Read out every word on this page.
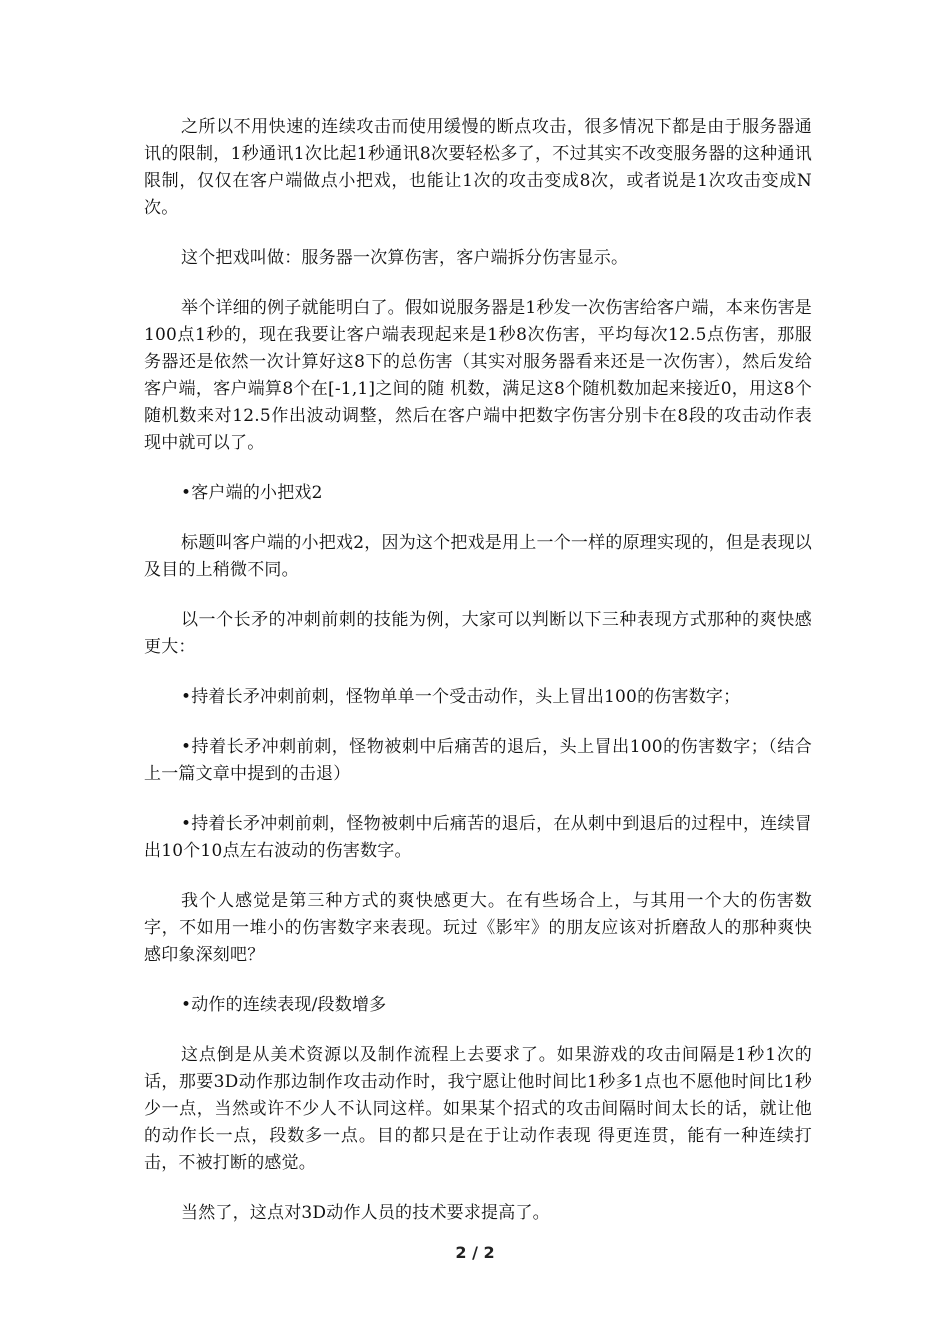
之所以不用快速的连续攻击而使用缓慢的断点攻击，很多情况下都是由于服务器通讯的限制，1秒通讯1次比起1秒通讯8次要轻松多了，不过其实不改变服务器的这种通讯限制，仅仅在客户端做点小把戏，也能让1次的攻击变成8次，或者说是1次攻击变成N次。

这个把戏叫做：服务器一次算伤害，客户端拆分伤害显示。

举个详细的例子就能明白了。假如说服务器是1秒发一次伤害给客户端，本来伤害是100点1秒的，现在我要让客户端表现起来是1秒8次伤害，平均每次12.5点伤害，那服务器还是依然一次计算好这8下的总伤害（其实对服务器看来还是一次伤害），然后发给客户端，客户端算8个在[-1,1]之间的随 机数，满足这8个随机数加起来接近0，用这8个随机数来对12.5作出波动调整，然后在客户端中把数字伤害分别卡在8段的攻击动作表现中就可以了。

•客户端的小把戏2

标题叫客户端的小把戏2，因为这个把戏是用上一个一样的原理实现的，但是表现以及目的上稍微不同。

以一个长矛的冲刺前刺的技能为例，大家可以判断以下三种表现方式那种的爽快感更大：

•持着长矛冲刺前刺，怪物单单一个受击动作，头上冒出100的伤害数字；

•持着长矛冲刺前刺，怪物被刺中后痛苦的退后，头上冒出100的伤害数字；（结合上一篇文章中提到的击退）

•持着长矛冲刺前刺，怪物被刺中后痛苦的退后，在从刺中到退后的过程中，连续冒出10个10点左右波动的伤害数字。

我个人感觉是第三种方式的爽快感更大。在有些场合上，与其用一个大的伤害数字，不如用一堆小的伤害数字来表现。玩过《影牢》的朋友应该对折磨敌人的那种爽快感印象深刻吧？

•动作的连续表现/段数增多

这点倒是从美术资源以及制作流程上去要求了。如果游戏的攻击间隔是1秒1次的话，那要3D动作那边制作攻击动作时，我宁愿让他时间比1秒多1点也不愿他时间比1秒少一点，当然或许不少人不认同这样。如果某个招式的攻击间隔时间太长的话，就让他的动作长一点，段数多一点。目的都只是在于让动作表现 得更连贯，能有一种连续打击，不被打断的感觉。

当然了，这点对3D动作人员的技术要求提高了。

2 / 2
